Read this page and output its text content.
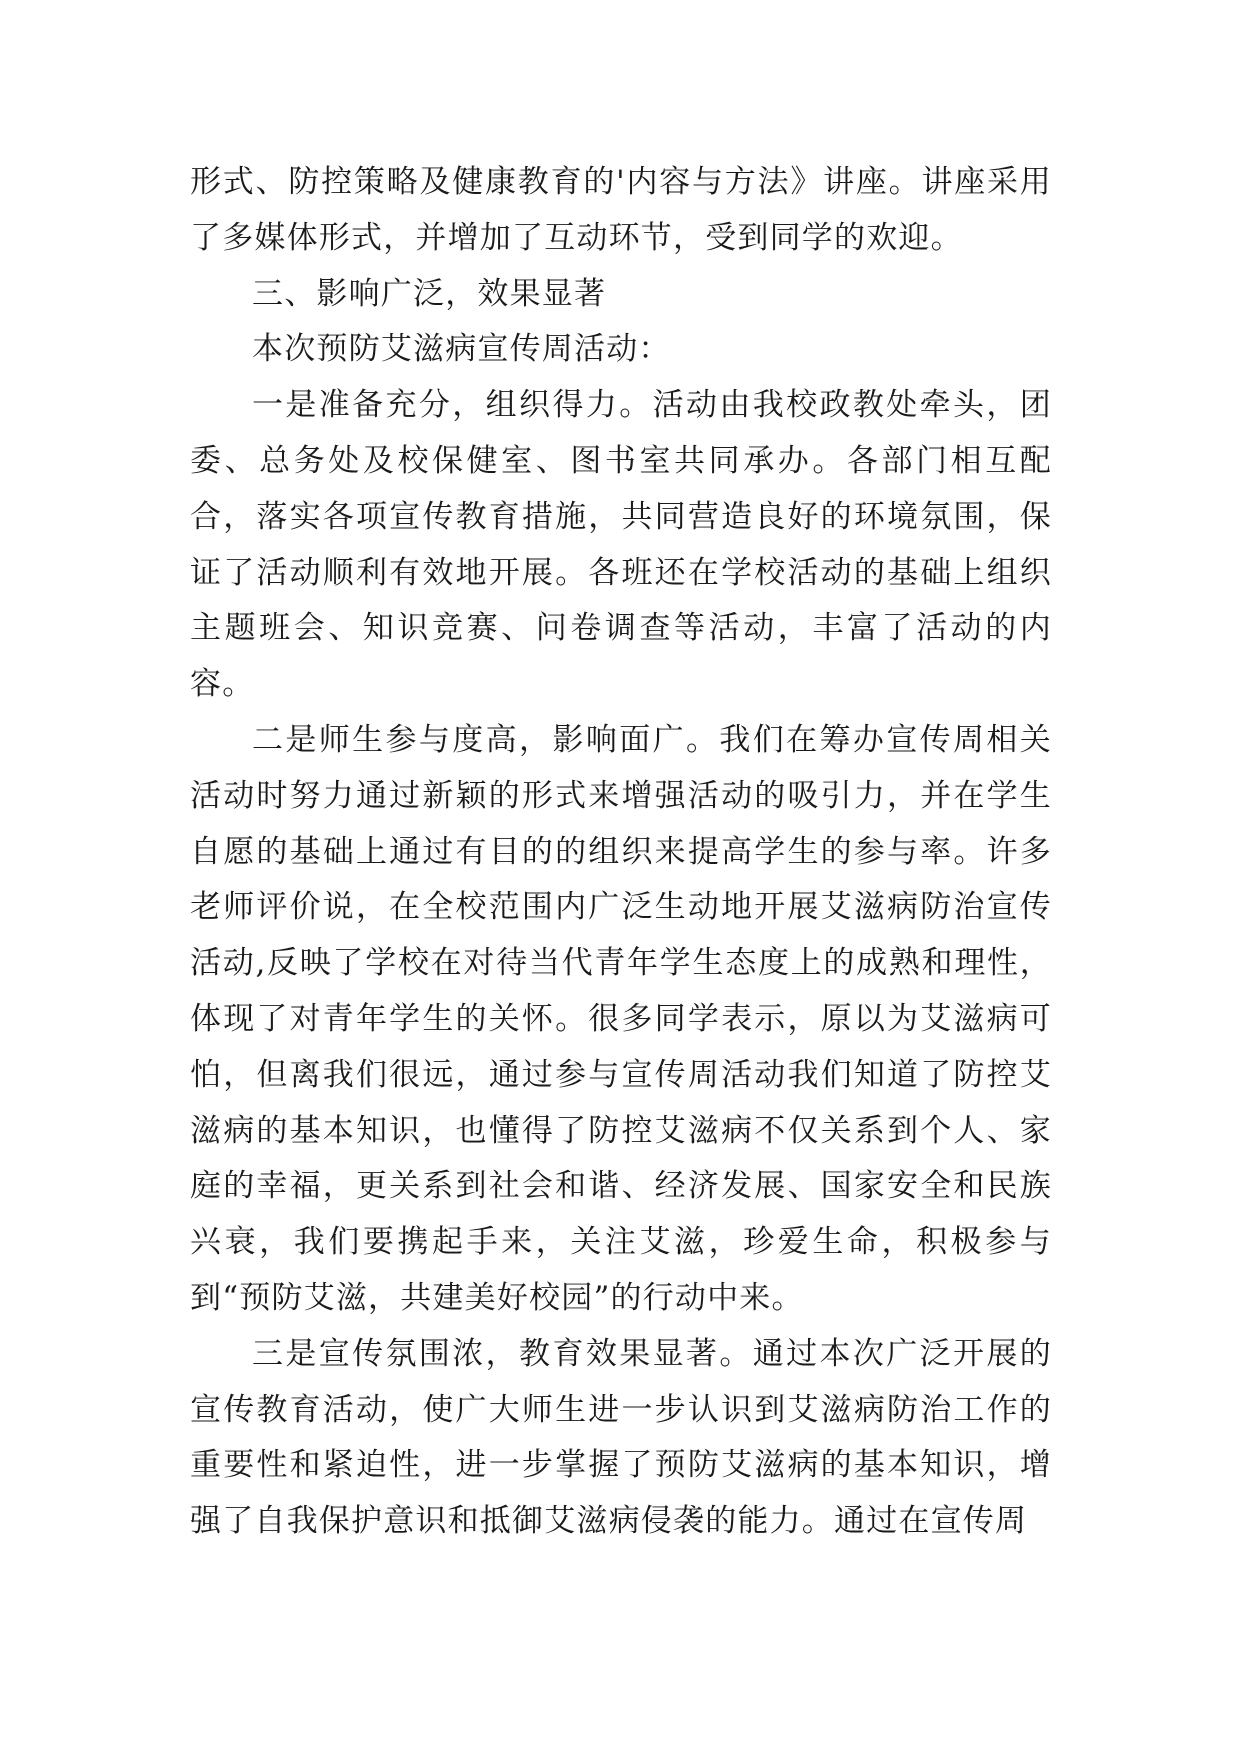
形式、防控策略及健康教育的'内容与方法》讲座。讲座采用了多媒体形式，并增加了互动环节，受到同学的欢迎。

三、影响广泛，效果显著

本次预防艾滋病宣传周活动：

一是准备充分，组织得力。活动由我校政教处牵头，团委、总务处及校保健室、图书室共同承办。各部门相互配合，落实各项宣传教育措施，共同营造良好的环境氛围，保证了活动顺利有效地开展。各班还在学校活动的基础上组织主题班会、知识竞赛、问卷调查等活动，丰富了活动的内容。

二是师生参与度高，影响面广。我们在筹办宣传周相关活动时努力通过新颖的形式来增强活动的吸引力，并在学生自愿的基础上通过有目的的组织来提高学生的参与率。许多老师评价说，在全校范围内广泛生动地开展艾滋病防治宣传活动,反映了学校在对待当代青年学生态度上的成熟和理性，体现了对青年学生的关怀。很多同学表示，原以为艾滋病可怕，但离我们很远，通过参与宣传周活动我们知道了防控艾滋病的基本知识，也懂得了防控艾滋病不仅关系到个人、家庭的幸福，更关系到社会和谐、经济发展、国家安全和民族兴衰，我们要携起手来，关注艾滋，珍爱生命，积极参与到“预防艾滋，共建美好校园”的行动中来。

三是宣传氛围浓，教育效果显著。通过本次广泛开展的宣传教育活动，使广大师生进一步认识到艾滋病防治工作的重要性和紧迫性，进一步掌握了预防艾滋病的基本知识，增强了自我保护意识和抵御艾滋病侵袭的能力。通过在宣传周
